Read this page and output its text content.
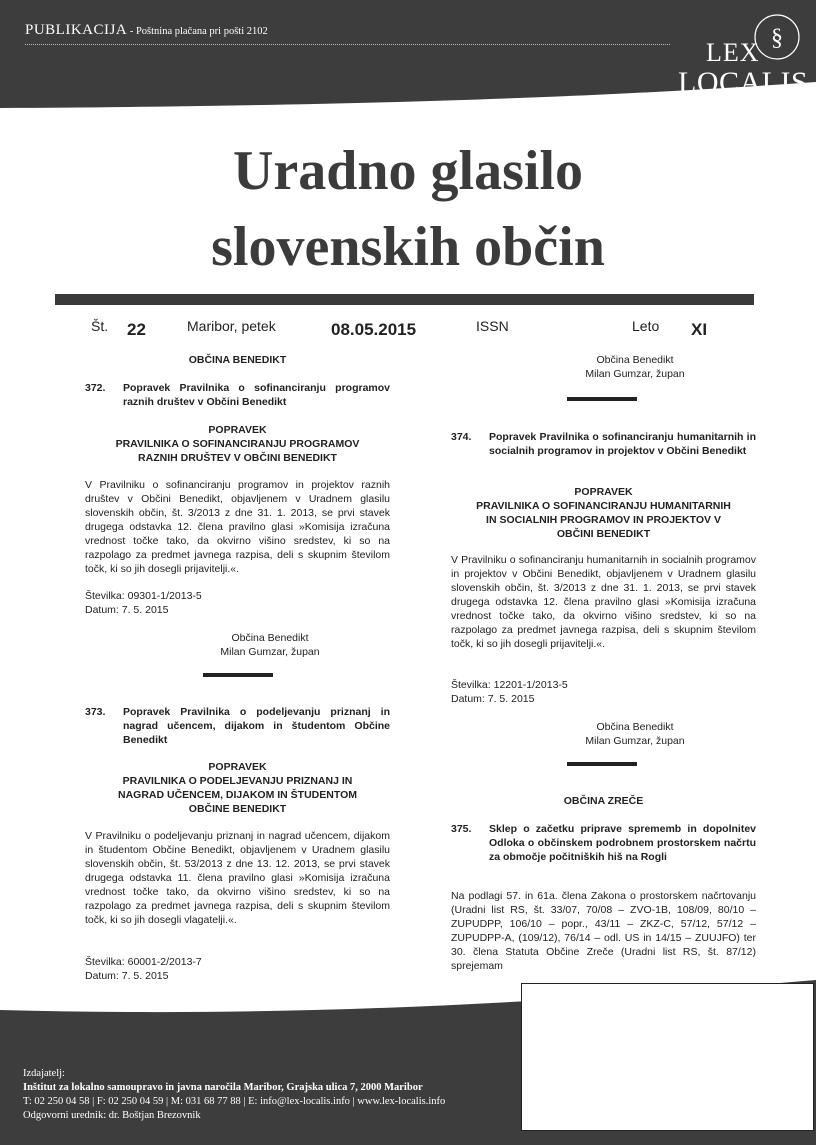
PUBLIKACIJA - Poštnina plačana pri pošti 2102	§
LEX
LOCALIS
Uradno glasilo
slovenskih občin
Št. 22	Maribor, petek	08.05.2015	ISSN	Leto XI
OBČINA BENEDIKT
372. Popravek Pravilnika o sofinanciranju programov raznih društev v Občini Benedikt
POPRAVEK
PRAVILNIKA O SOFINANCIRANJU PROGRAMOV
RAZNIH DRUŠTEV V OBČINI BENEDIKT
V Pravilniku o sofinanciranju programov in projektov raznih društev v Občini Benedikt, objavljenem v Uradnem glasilu slovenskih občin, št. 3/2013 z dne 31. 1. 2013, se prvi stavek drugega odstavka 12. člena pravilno glasi »Komisija izračuna vrednost točke tako, da okvirno višino sredstev, ki so na razpolago za predmet javnega razpisa, deli s skupnim številom točk, ki so jih dosegli prijavitelji.«.
Številka: 09301-1/2013-5
Datum: 7. 5. 2015
Občina Benedikt
Milan Gumzar, župan
373. Popravek Pravilnika o podeljevanju priznanj in nagrad učencem, dijakom in študentom Občine Benedikt
POPRAVEK
PRAVILNIKA O PODELJEVANJU PRIZNANJ IN
NAGRAD UČENCEM, DIJAKOM IN ŠTUDENTOM
OBČINE BENEDIKT
V Pravilniku o podeljevanju priznanj in nagrad učencem, dijakom in študentom Občine Benedikt, objavljenem v Uradnem glasilu slovenskih občin, št. 53/2013 z dne 13. 12. 2013, se prvi stavek drugega odstavka 11. člena pravilno glasi »Komisija izračuna vrednost točke tako, da okvirno višino sredstev, ki so na razpolago za predmet javnega razpisa, deli s skupnim številom točk, ki so jih dosegli vlagatelji.«.
Številka: 60001-2/2013-7
Datum: 7. 5. 2015
Občina Benedikt
Milan Gumzar, župan
374. Popravek Pravilnika o sofinanciranju humanitarnih in socialnih programov in projektov v Občini Benedikt
POPRAVEK
PRAVILNIKA O SOFINANCIRANJU HUMANITARNIH
IN SOCIALNIH PROGRAMOV IN PROJEKTOV V
OBČINI BENEDIKT
V Pravilniku o sofinanciranju humanitarnih in socialnih programov in projektov v Občini Benedikt, objavljenem v Uradnem glasilu slovenskih občin, št. 3/2013 z dne 31. 1. 2013, se prvi stavek drugega odstavka 12. člena pravilno glasi »Komisija izračuna vrednost točke tako, da okvirno višino sredstev, ki so na razpolago za predmet javnega razpisa, deli s skupnim številom točk, ki so jih dosegli prijavitelji.«.
Številka: 12201-1/2013-5
Datum: 7. 5. 2015
Občina Benedikt
Milan Gumzar, župan
OBČINA ZREČE
375. Sklep o začetku priprave sprememb in dopolnitev Odloka o občinskem podrobnem prostorskem načrtu za območje počitniških hiš na Rogli
Na podlagi 57. in 61a. člena Zakona o prostorskem načrtovanju (Uradni list RS, št. 33/07, 70/08 – ZVO-1B, 108/09, 80/10 – ZUPUDPP, 106/10 – popr., 43/11 – ZKZ-C, 57/12, 57/12 – ZUPUDPP-A, (109/12), 76/14 – odl. US in 14/15 – ZUUJFO) ter 30. člena Statuta Občine Zreče (Uradni list RS, št. 87/12) sprejemam
Izdajatelj:
Inštitut za lokalno samoupravo in javna naročila Maribor, Grajska ulica 7, 2000 Maribor
T: 02 250 04 58 | F: 02 250 04 59 | M: 031 68 77 88 | E: info@lex-localis.info | www.lex-localis.info
Odgovorni urednik: dr. Boštjan Brezovnik
